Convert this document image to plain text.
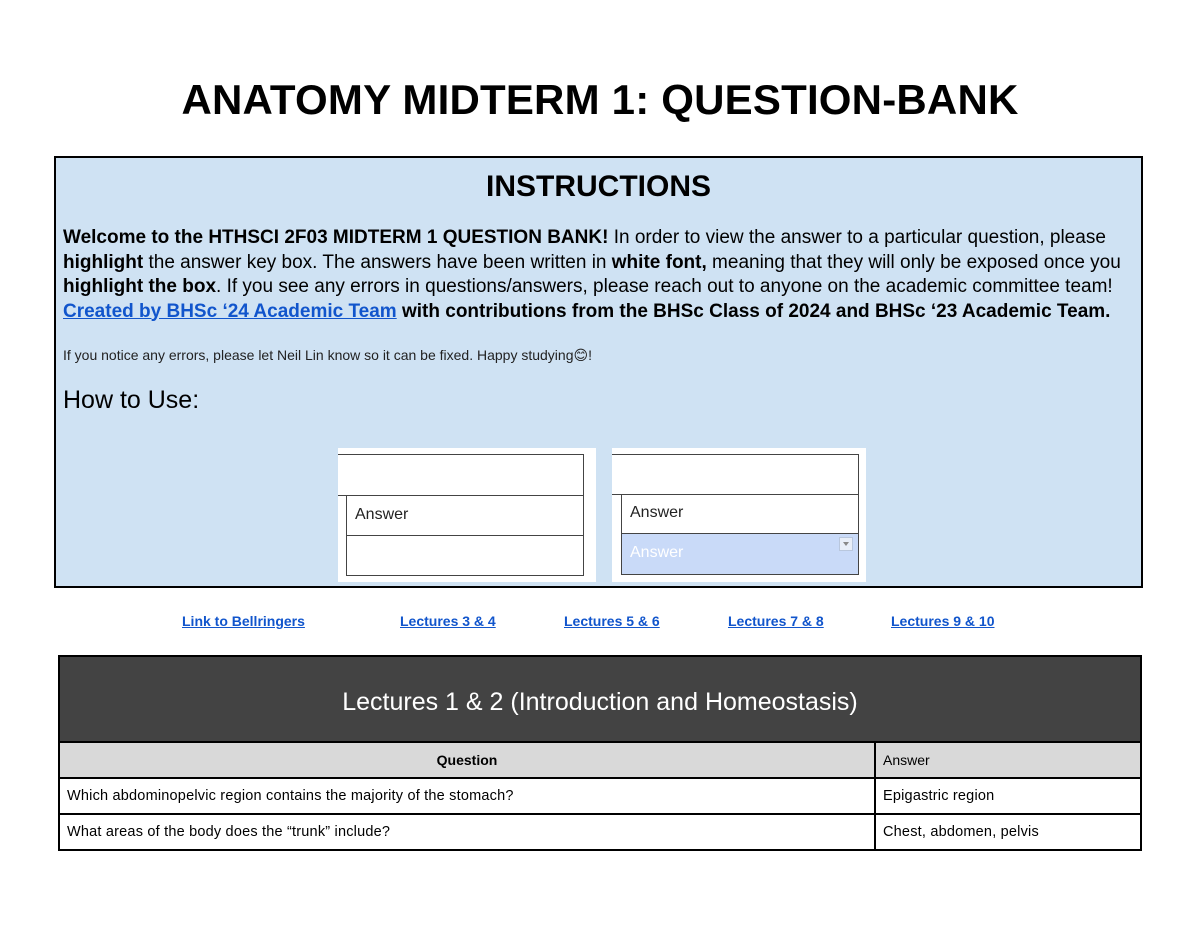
ANATOMY MIDTERM 1: QUESTION-BANK
INSTRUCTIONS
Welcome to the HTHSCI 2F03 MIDTERM 1 QUESTION BANK! In order to view the answer to a particular question, please highlight the answer key box. The answers have been written in white font, meaning that they will only be exposed once you highlight the box. If you see any errors in questions/answers, please reach out to anyone on the academic committee team! Created by BHSc ‘24 Academic Team with contributions from the BHSc Class of 2024 and BHSc ‘23 Academic Team.
If you notice any errors, please let Neil Lin know so it can be fixed. Happy studying😊!
How to Use:
Answer	Answer
Answer
Link to Bellringers	Lectures 3 & 4	Lectures 5 & 6	Lectures 7 & 8	Lectures 9 & 10
Lectures 1 & 2 (Introduction and Homeostasis)	
Question	Answer
Which abdominopelvic region contains the majority of the stomach?	Epigastric region
What areas of the body does the “trunk” include?	Chest, abdomen, pelvis
